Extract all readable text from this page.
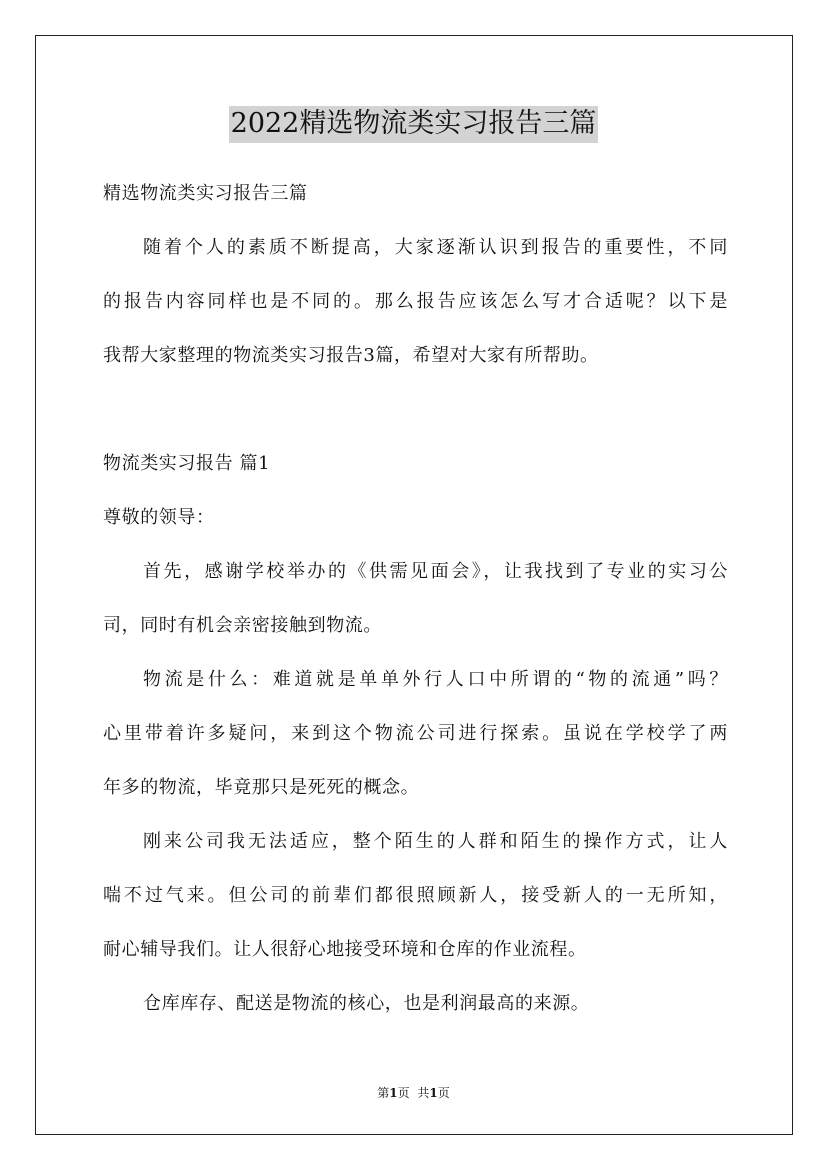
2022精选物流类实习报告三篇
精选物流类实习报告三篇
随着个人的素质不断提高，大家逐渐认识到报告的重要性，不同
的报告内容同样也是不同的。那么报告应该怎么写才合适呢？以下是
我帮大家整理的物流类实习报告3篇，希望对大家有所帮助。
物流类实习报告 篇1
尊敬的领导：
首先，感谢学校举办的《供需见面会》，让我找到了专业的实习公
司，同时有机会亲密接触到物流。
物流是什么：难道就是单单外行人口中所谓的“物的流通”吗？
心里带着许多疑问，来到这个物流公司进行探索。虽说在学校学了两
年多的物流，毕竟那只是死死的概念。
刚来公司我无法适应，整个陌生的人群和陌生的操作方式，让人
喘不过气来。但公司的前辈们都很照顾新人，接受新人的一无所知，
耐心辅导我们。让人很舒心地接受环境和仓库的作业流程。
仓库库存、配送是物流的核心，也是利润最高的来源。
第1页 共1页
